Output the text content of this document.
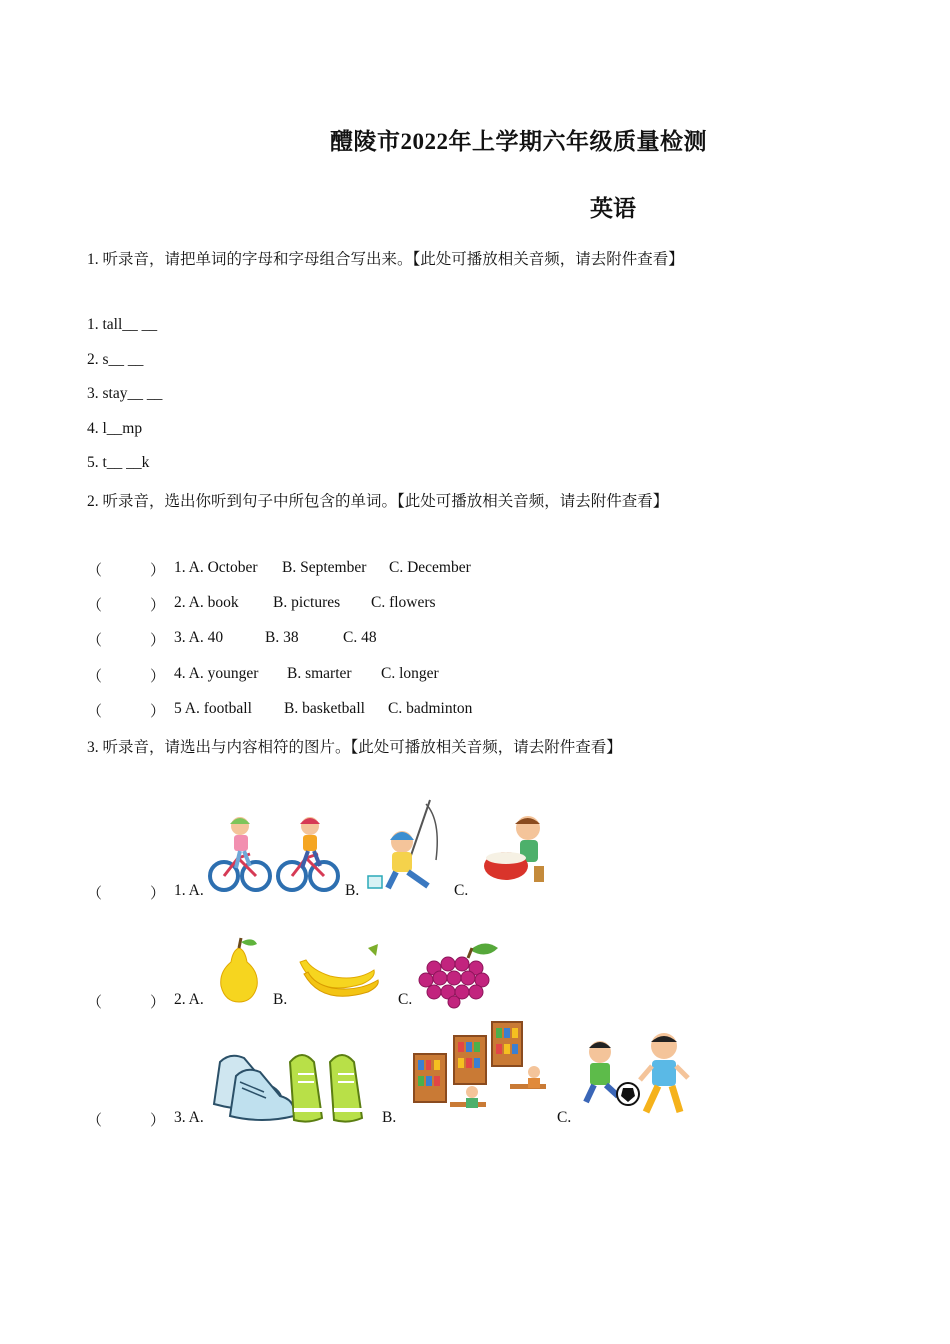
醴陵市2022年上学期六年级质量检测
英语
1. 听录音，请把单词的字母和字母组合写出来。【此处可播放相关音频，请去附件查看】
1. tall__ __
2. s__ __
3. stay__ __
4. l__mp
5. t__ __k
2. 听录音，选出你听到句子中所包含的单词。【此处可播放相关音频，请去附件查看】
（	） 1. A. October B. September C. December
（	） 2. A. book B. pictures C. flowers
（	） 3. A. 40	B. 38	C. 48
（	） 4. A. younger B. smarter C. longer
（	） 5 A. football B. basketball C. badminton
3. 听录音，请选出与内容相符的图片。【此处可播放相关音频，请去附件查看】
（	） 1. A.	B.	C.
（	） 2. A.	B.	C.
（	） 3. A.	B.	C.
